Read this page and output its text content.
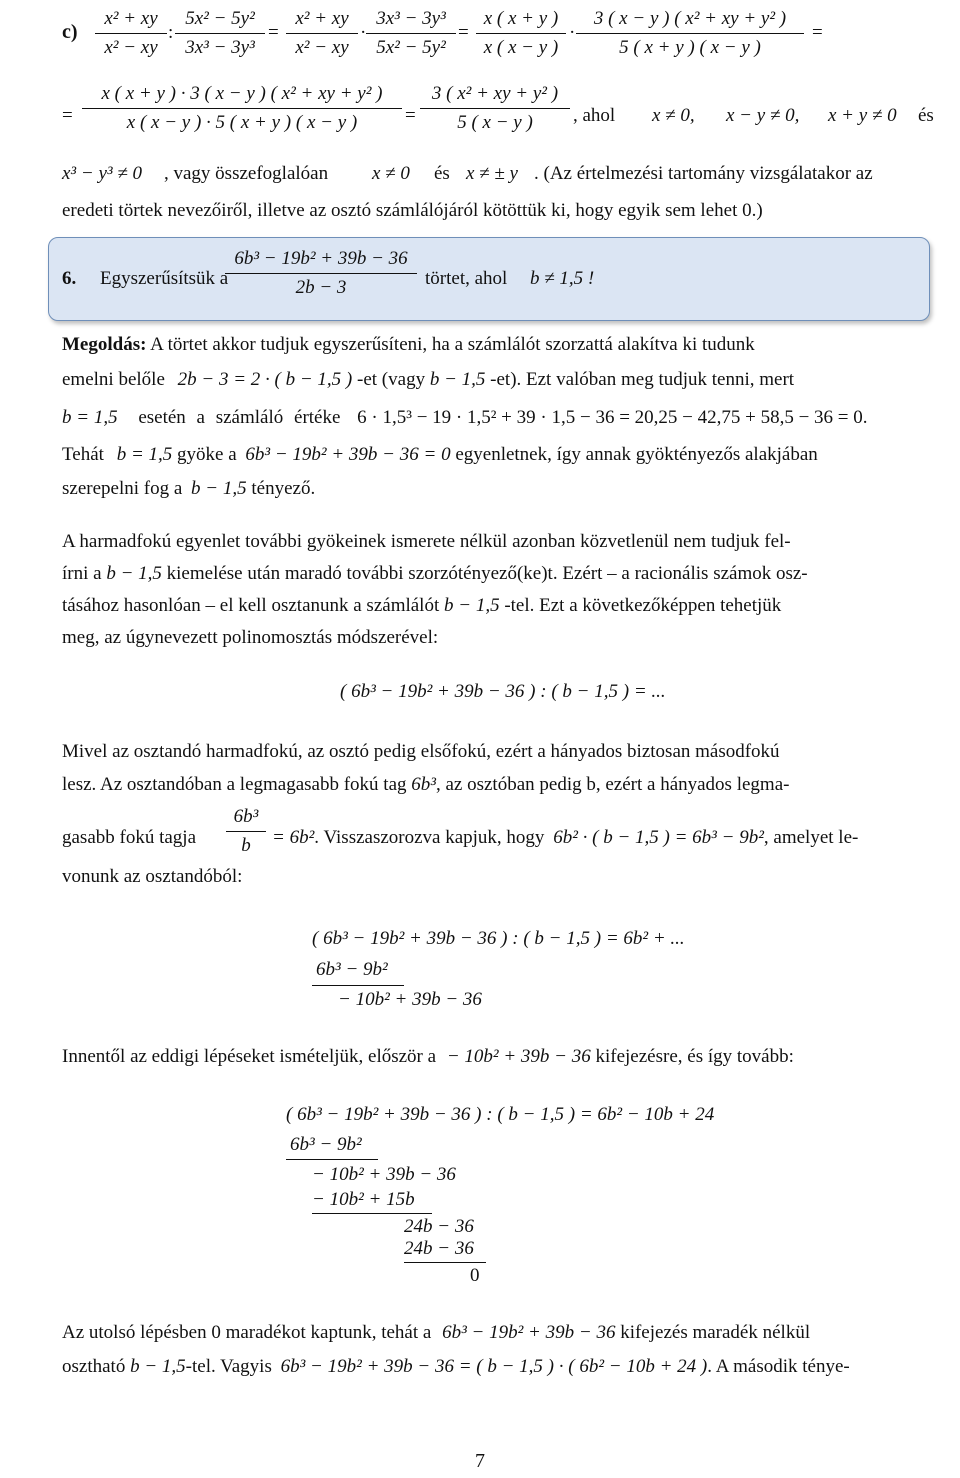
c)
x² + xy
x² − xy
:
5x² − 5y²
3x³ − 3y³
=
x² + xy
x² − xy
·
3x³ − 3y³
5x² − 5y²
=
x ( x + y )
x ( x − y )
·
3 ( x − y ) ( x² + xy + y² )
5 ( x + y ) ( x − y )
=
=
x ( x + y ) · 3 ( x − y ) ( x² + xy + y² )
x ( x − y ) · 5 ( x + y ) ( x − y )	=
3 ( x² + xy + y² )
5 ( x − y )	, ahol x ≠ 0, x − y ≠ 0, x + y ≠ 0 és
x³ − y³ ≠ 0 , vagy összefoglalóan x ≠ 0 és x ≠ ± y . (Az értelmezési tartomány vizsgálatakor az
eredeti törtek nevezőiről, illetve az osztó számlálójáról kötöttük ki, hogy egyik sem lehet 0.)
6. Egyszerűsítsük a
6b³ − 19b² + 39b − 36
2b − 3	törtet, ahol b ≠ 1,5 !
Megoldás: A törtet akkor tudjuk egyszerűsíteni, ha a számlálót szorzattá alakítva ki tudunk
emelni belőle 2b − 3 = 2 · ( b − 1,5 ) -et (vagy b − 1,5 -et). Ezt valóban meg tudjuk tenni, mert
b = 1,5 esetén a számláló értéke 6 · 1,5³ − 19 · 1,5² + 39 · 1,5 − 36 = 20,25 − 42,75 + 58,5 − 36 = 0.
Tehát b = 1,5 gyöke a 6b³ − 19b² + 39b − 36 = 0 egyenletnek, így annak gyöktényezős alakjában
szerepelni fog a b − 1,5 tényező.
A harmadfokú egyenlet további gyökeinek ismerete nélkül azonban közvetlenül nem tudjuk fel-
írni a b − 1,5 kiemelése után maradó további szorzótényező(ke)t. Ezért – a racionális számok osz-
tásához hasonlóan – el kell osztanunk a számlálót b − 1,5 -tel. Ezt a következőképpen tehetjük
meg, az úgynevezett polinomosztás módszerével:
( 6b³ − 19b² + 39b − 36 ) : ( b − 1,5 ) = ...
Mivel az osztandó harmadfokú, az osztó pedig elsőfokú, ezért a hányados biztosan másodfokú
lesz. Az osztandóban a legmagasabb fokú tag 6b³, az osztóban pedig b, ezért a hányados legma-
gasabb fokú tagja
6b³
b	= 6b². Visszaszorozva kapjuk, hogy 6b² · ( b − 1,5 ) = 6b³ − 9b², amelyet le-
vonunk az osztandóból:
( 6b³ − 19b² + 39b − 36 ) : ( b − 1,5 ) = 6b² + ...
6b³ − 9b²
− 10b² + 39b − 36
Innentől az eddigi lépéseket ismételjük, először a − 10b² + 39b − 36 kifejezésre, és így tovább:
( 6b³ − 19b² + 39b − 36 ) : ( b − 1,5 ) = 6b² − 10b + 24
6b³ − 9b²
− 10b² + 39b − 36
− 10b² + 15b
24b − 36
24b − 36
0
Az utolsó lépésben 0 maradékot kaptunk, tehát a 6b³ − 19b² + 39b − 36 kifejezés maradék nélkül
osztható b − 1,5-tel. Vagyis 6b³ − 19b² + 39b − 36 = ( b − 1,5 ) · ( 6b² − 10b + 24 ). A második ténye-
7
